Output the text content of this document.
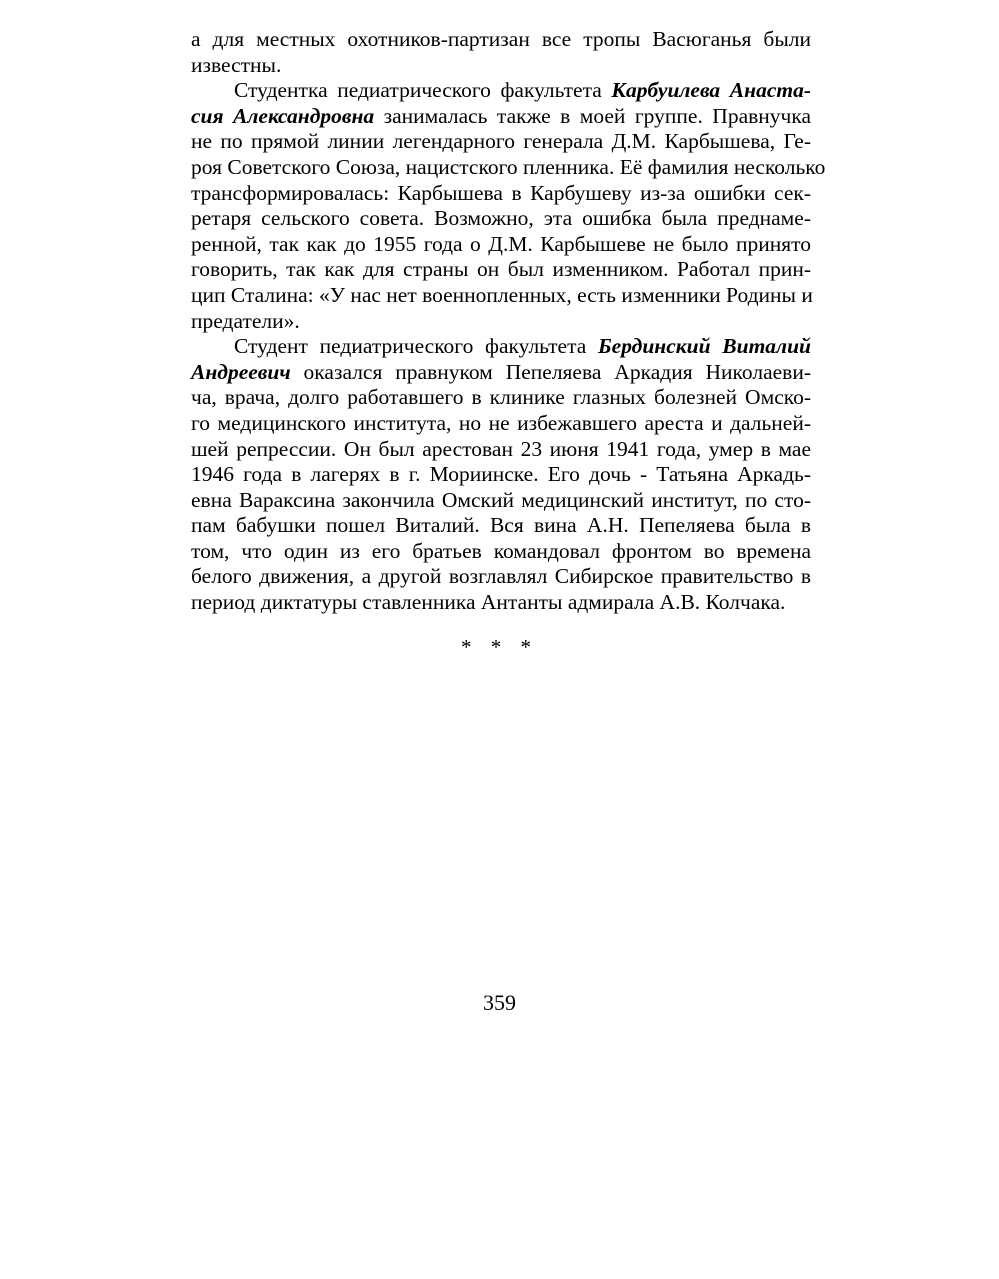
а для местных охотников-партизан все тропы Васюганья были
известны.
Студентка педиатрического факультета Карбуилева Анаста-
сия Александровна занималась также в моей группе. Правнучка
не по прямой линии легендарного генерала Д.М. Карбышева, Ге-
роя Советского Союза, нацистского пленника. Её фамилия несколько
трансформировалась: Карбышева в Карбушеву из-за ошибки сек-
ретаря сельского совета. Возможно, эта ошибка была преднаме-
ренной, так как до 1955 года о Д.М. Карбышеве не было принято
говорить, так как для страны он был изменником. Работал прин-
цип Сталина: «У нас нет военнопленных, есть изменники Родины и
предатели».
Студент педиатрического факультета Бердинский Виталий
Андреевич оказался правнуком Пепеляева Аркадия Николаеви-
ча, врача, долго работавшего в клинике глазных болезней Омско-
го медицинского института, но не избежавшего ареста и дальней-
шей репрессии. Он был арестован 23 июня 1941 года, умер в мае
1946 года в лагерях в г. Мориинске. Его дочь - Татьяна Аркадь-
евна Вараксина закончила Омский медицинский институт, по сто-
пам бабушки пошел Виталий. Вся вина А.Н. Пепеляева была в
том, что один из его братьев командовал фронтом во времена
белого движения, а другой возглавлял Сибирское правительство в
период диктатуры ставленника Антанты адмирала А.В. Колчака.
* * *
359
